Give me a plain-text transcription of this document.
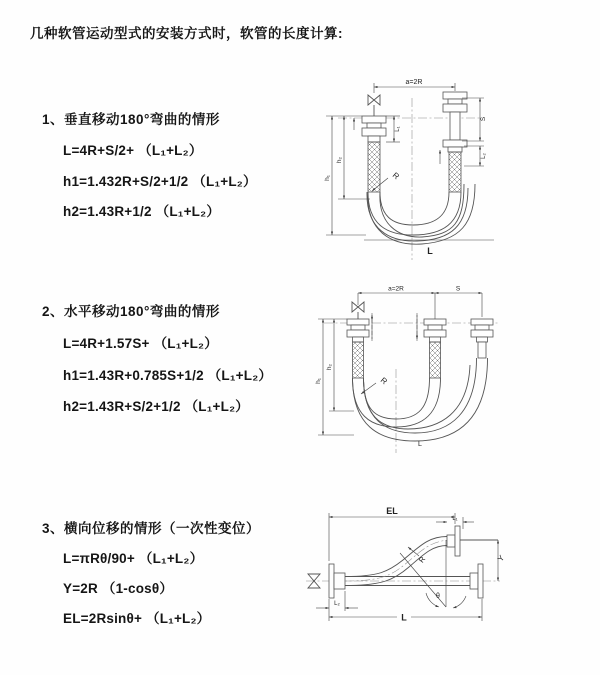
几种软管运动型式的安装方式时，软管的长度计算:
1、垂直移动180°弯曲的情形
L=4R+S/2+ （L₁+L₂）
h1=1.432R+S/2+1/2 （L₁+L₂）
h2=1.43R+1/2 （L₁+L₂）
a=2R
L₁
S
L₂
h₁
h₂
R
L
2、水平移动180°弯曲的情形
L=4R+1.57S+ （L₁+L₂）
h1=1.43R+0.785S+1/2 （L₁+L₂）
h2=1.43R+S/2+1/2 （L₁+L₂）
a=2R	S
h₁
h₂
R
L
3、横向位移的情形（一次性变位）
L=πRθ/90+ （L₁+L₂）
Y=2R （1-cosθ）
EL=2Rsinθ+ （L₁+L₂）
EL
L₁
Y
θ
R
L₂
L
